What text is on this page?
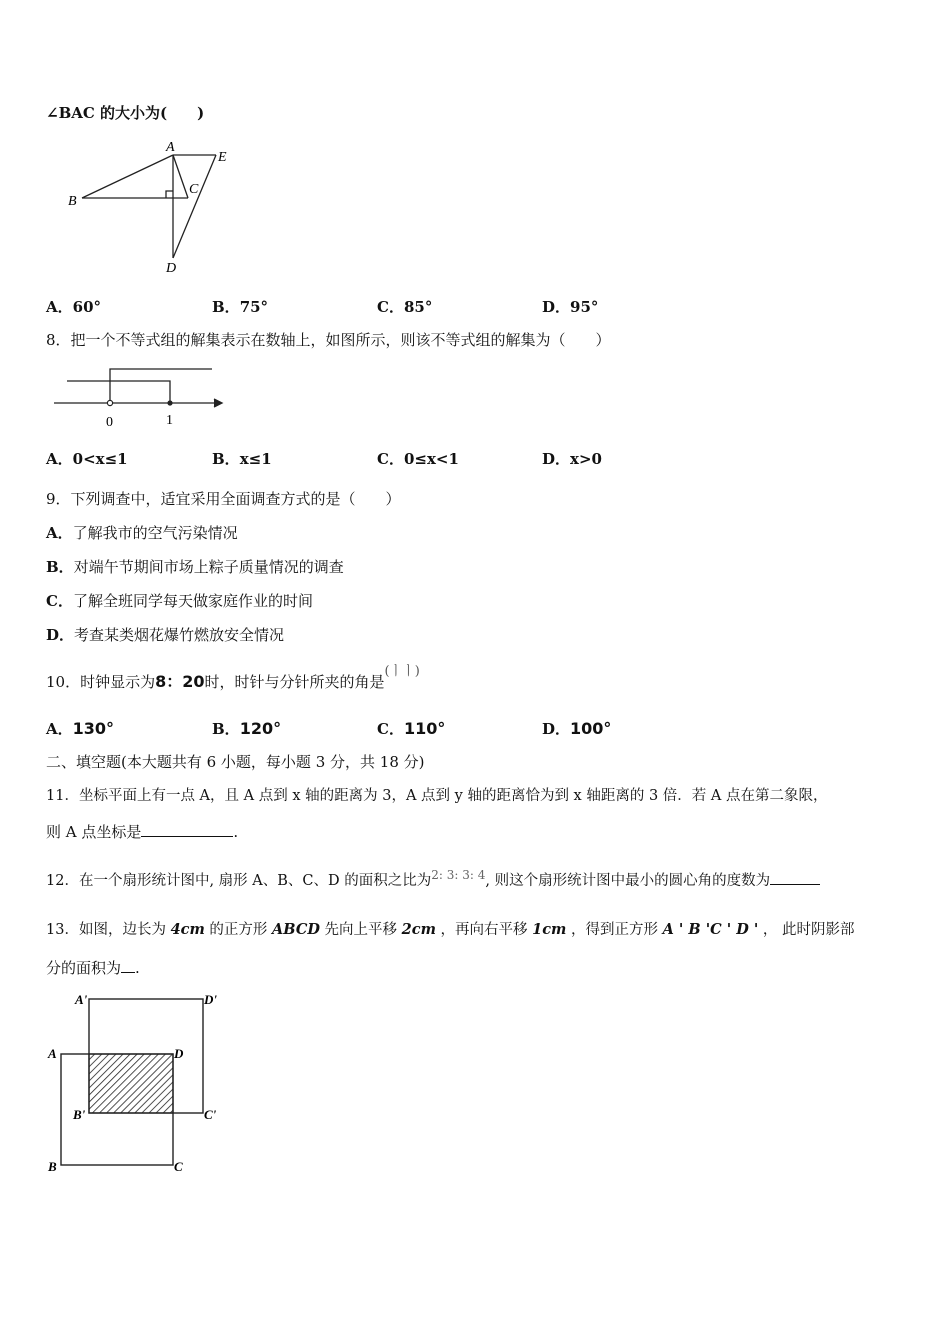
∠BAC 的大小为(　　)
A
E
B
C
D
A．60°	B．75°	C．85°	D．95°
8．把一个不等式组的解集表示在数轴上，如图所示，则该不等式组的解集为（　　）
0	1
A．0<x≤1	B．x≤1	C．0≤x<1	D．x>0
9．下列调查中，适宜采用全面调查方式的是（　　）
A．了解我市的空气污染情况
B．对端午节期间市场上粽子质量情况的调查
C．了解全班同学每天做家庭作业的时间
D．考查某类烟花爆竹燃放安全情况
10．时钟显示为8：20时，时针与分针所夹的角是(ㅣㅣ)
A．130°	B．120°	C．110°	D．100°
二、填空题(本大题共有 6 小题，每小题 3 分，共 18 分)
11．坐标平面上有一点 A，且 A 点到 x 轴的距离为 3，A 点到 y 轴的距离恰为到 x 轴距离的 3 倍．若 A 点在第二象限，
则 A 点坐标是	.
12．在一个扇形统计图中, 扇形 A、B、C、D 的面积之比为$^{2: 3: 3: 4}$, 则这个扇形统计图中最小的圆心角的度数为
13．如图，边长为 4cm 的正方形 ABCD 先向上平移 2cm ，再向右平移 1cm ，得到正方形 A ' B 'C ' D ' ， 此时阴影部
分的面积为 .
A'	D'
A	D
B'	C'
B	C
